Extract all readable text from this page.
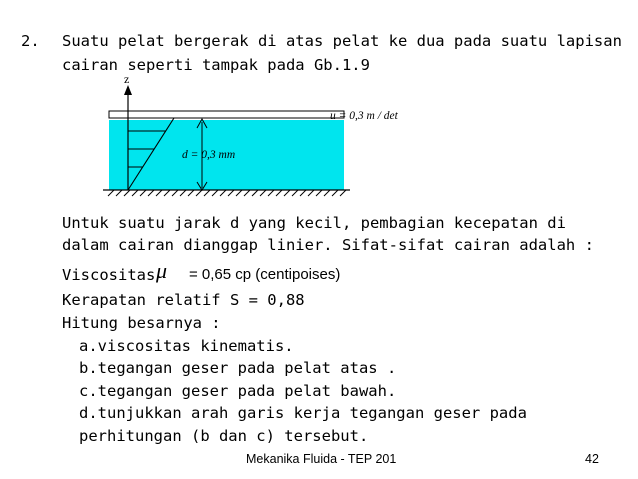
2. Suatu pelat bergerak di atas pelat ke dua pada suatu lapisan
cairan seperti tampak pada Gb.1.9
z
d = 0,3 mm
u = 0,3 m / det
Untuk suatu jarak d yang kecil, pembagian kecepatan di
dalam cairan dianggap linier. Sifat-sifat cairan adalah :
Viscositas μ = 0,65 cp (centipoises)
Kerapatan relatif S = 0,88
Hitung besarnya :
a.viscositas kinematis.
b.tegangan geser pada pelat atas .
c.tegangan geser pada pelat bawah.
d.tunjukkan arah garis kerja tegangan geser pada
perhitungan (b dan c) tersebut.
Mekanika Fluida - TEP 201	42
